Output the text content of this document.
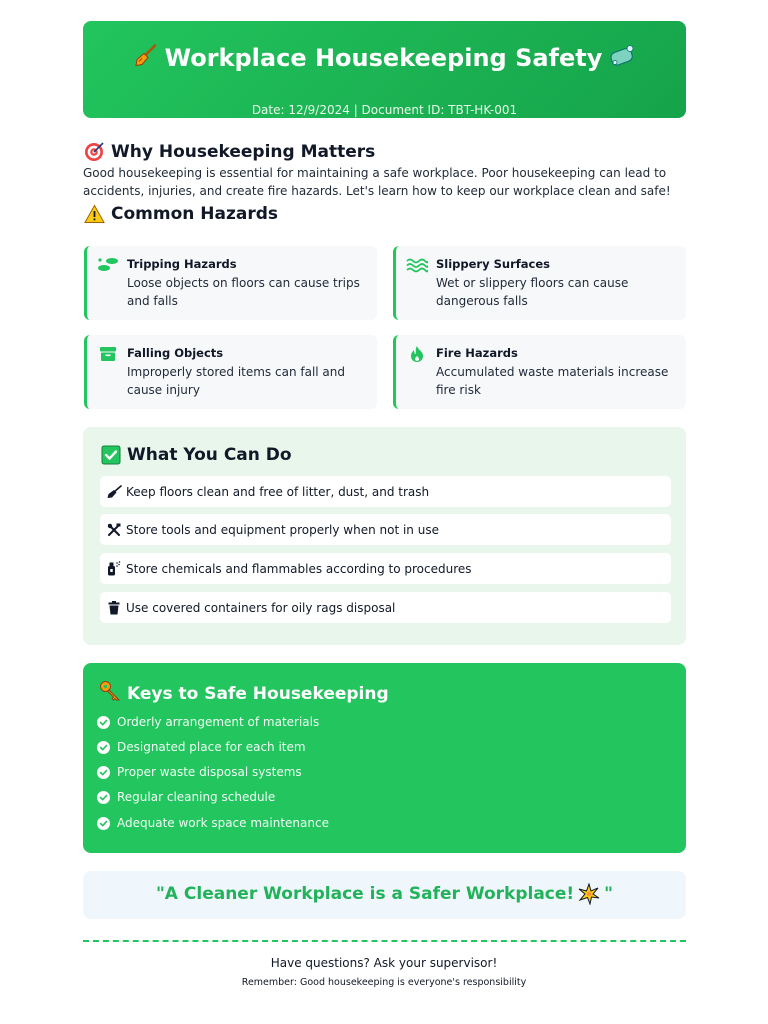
Workplace Housekeeping Safety
Date: 12/9/2024 | Document ID: TBT-HK-001
Why Housekeeping Matters
Good housekeeping is essential for maintaining a safe workplace. Poor housekeeping can lead to accidents, injuries, and create fire hazards. Let's learn how to keep our workplace clean and safe!
Common Hazards
Tripping Hazards
Loose objects on floors can cause trips and falls
Slippery Surfaces
Wet or slippery floors can cause dangerous falls
Falling Objects
Improperly stored items can fall and cause injury
Fire Hazards
Accumulated waste materials increase fire risk
What You Can Do
Keep floors clean and free of litter, dust, and trash
Store tools and equipment properly when not in use
Store chemicals and flammables according to procedures
Use covered containers for oily rags disposal
Keys to Safe Housekeeping
Orderly arrangement of materials
Designated place for each item
Proper waste disposal systems
Regular cleaning schedule
Adequate work space maintenance
"A Cleaner Workplace is a Safer Workplace! "
Have questions? Ask your supervisor!
Remember: Good housekeeping is everyone's responsibility
